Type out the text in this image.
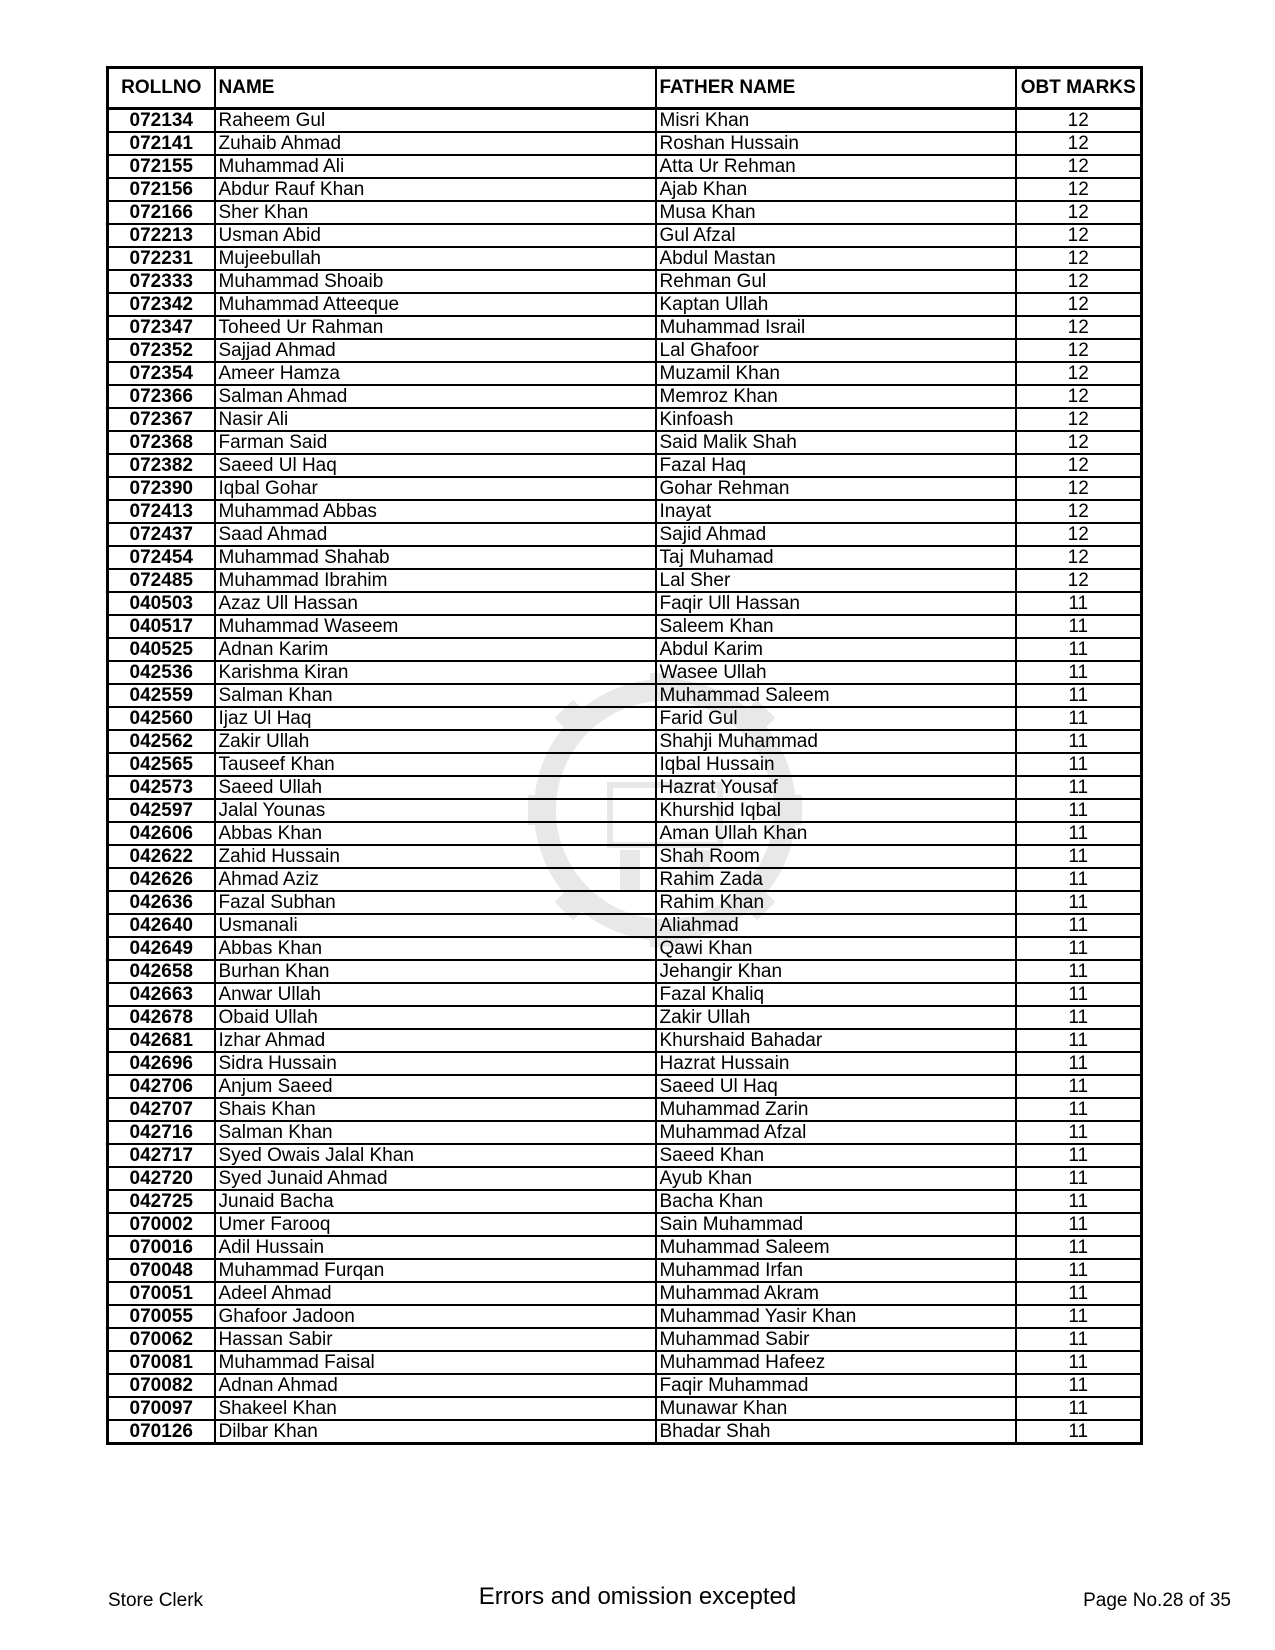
ROLLNO	NAME	FATHER NAME	OBT MARKS
072134	Raheem Gul	Misri Khan	12
072141	Zuhaib Ahmad	Roshan Hussain	12
072155	Muhammad Ali	Atta Ur Rehman	12
072156	Abdur Rauf Khan	Ajab Khan	12
072166	Sher Khan	Musa Khan	12
072213	Usman Abid	Gul Afzal	12
072231	Mujeebullah	Abdul Mastan	12
072333	Muhammad Shoaib	Rehman Gul	12
072342	Muhammad Atteeque	Kaptan Ullah	12
072347	Toheed Ur Rahman	Muhammad Israil	12
072352	Sajjad Ahmad	Lal Ghafoor	12
072354	Ameer Hamza	Muzamil Khan	12
072366	Salman Ahmad	Memroz Khan	12
072367	Nasir Ali	Kinfoash	12
072368	Farman Said	Said Malik Shah	12
072382	Saeed Ul Haq	Fazal Haq	12
072390	Iqbal Gohar	Gohar Rehman	12
072413	Muhammad Abbas	Inayat	12
072437	Saad Ahmad	Sajid Ahmad	12
072454	Muhammad Shahab	Taj Muhamad	12
072485	Muhammad Ibrahim	Lal Sher	12
040503	Azaz Ull Hassan	Faqir Ull Hassan	11
040517	Muhammad Waseem	Saleem Khan	11
040525	Adnan Karim	Abdul Karim	11
042536	Karishma Kiran	Wasee Ullah	11
042559	Salman Khan	Muhammad Saleem	11
042560	Ijaz Ul Haq	Farid Gul	11
042562	Zakir Ullah	Shahji Muhammad	11
042565	Tauseef Khan	Iqbal Hussain	11
042573	Saeed Ullah	Hazrat Yousaf	11
042597	Jalal Younas	Khurshid Iqbal	11
042606	Abbas Khan	Aman Ullah Khan	11
042622	Zahid Hussain	Shah Room	11
042626	Ahmad Aziz	Rahim Zada	11
042636	Fazal Subhan	Rahim Khan	11
042640	Usmanali	Aliahmad	11
042649	Abbas Khan	Qawi Khan	11
042658	Burhan Khan	Jehangir Khan	11
042663	Anwar Ullah	Fazal Khaliq	11
042678	Obaid Ullah	Zakir Ullah	11
042681	Izhar Ahmad	Khurshaid Bahadar	11
042696	Sidra Hussain	Hazrat Hussain	11
042706	Anjum Saeed	Saeed Ul Haq	11
042707	Shais Khan	Muhammad Zarin	11
042716	Salman Khan	Muhammad Afzal	11
042717	Syed Owais Jalal Khan	Saeed Khan	11
042720	Syed Junaid Ahmad	Ayub Khan	11
042725	Junaid Bacha	Bacha Khan	11
070002	Umer Farooq	Sain Muhammad	11
070016	Adil Hussain	Muhammad Saleem	11
070048	Muhammad Furqan	Muhammad Irfan	11
070051	Adeel Ahmad	Muhammad Akram	11
070055	Ghafoor Jadoon	Muhammad Yasir Khan	11
070062	Hassan Sabir	Muhammad Sabir	11
070081	Muhammad Faisal	Muhammad Hafeez	11
070082	Adnan Ahmad	Faqir Muhammad	11
070097	Shakeel Khan	Munawar Khan	11
070126	Dilbar Khan	Bhadar Shah	11
Store Clerk	Errors and omission excepted	Page No.28 of 35
